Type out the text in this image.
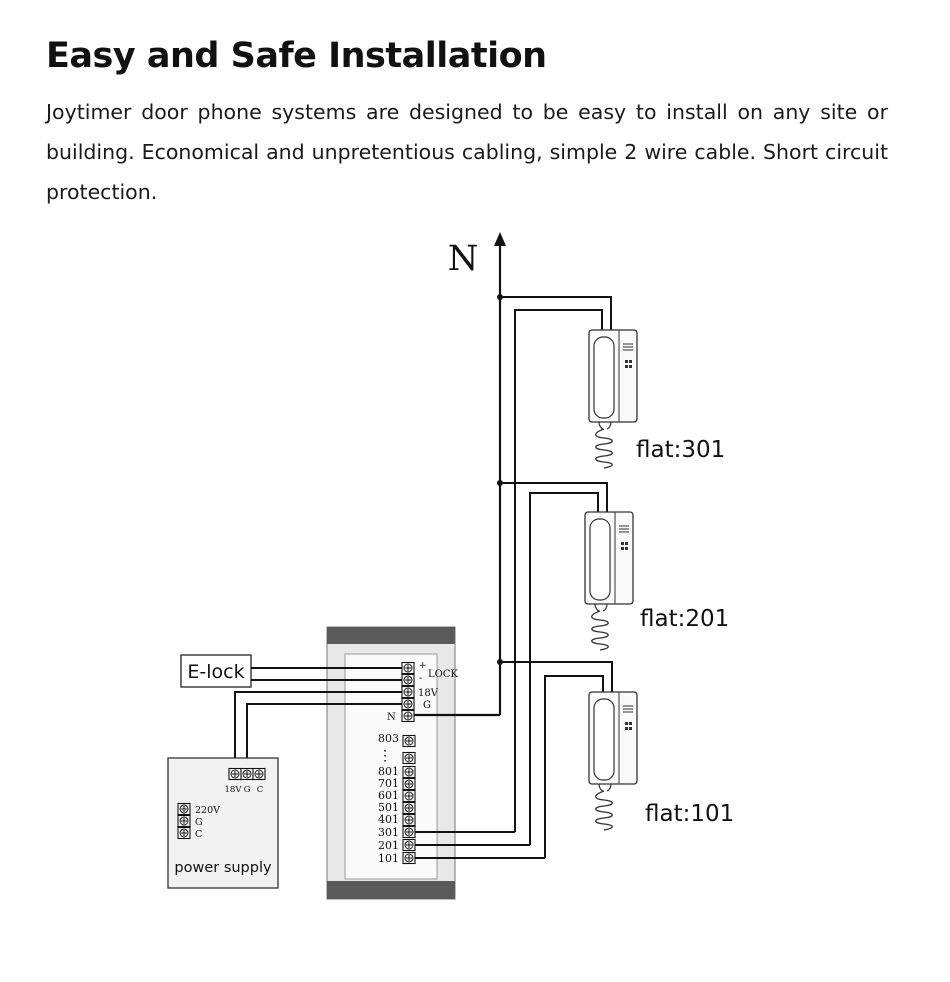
Easy and Safe Installation

Joytimer door phone systems are designed to be easy to install on any site or building. Economical and unpretentious cabling, simple 2 wire cable. Short circuit protection.

N
flat:301
flat:201
flat:101
E-lock	+
- LOCK
18V
G
N
803
⋮
801
701
601
501
401
301
201
101
18V G C
220V
G
C
power supply
